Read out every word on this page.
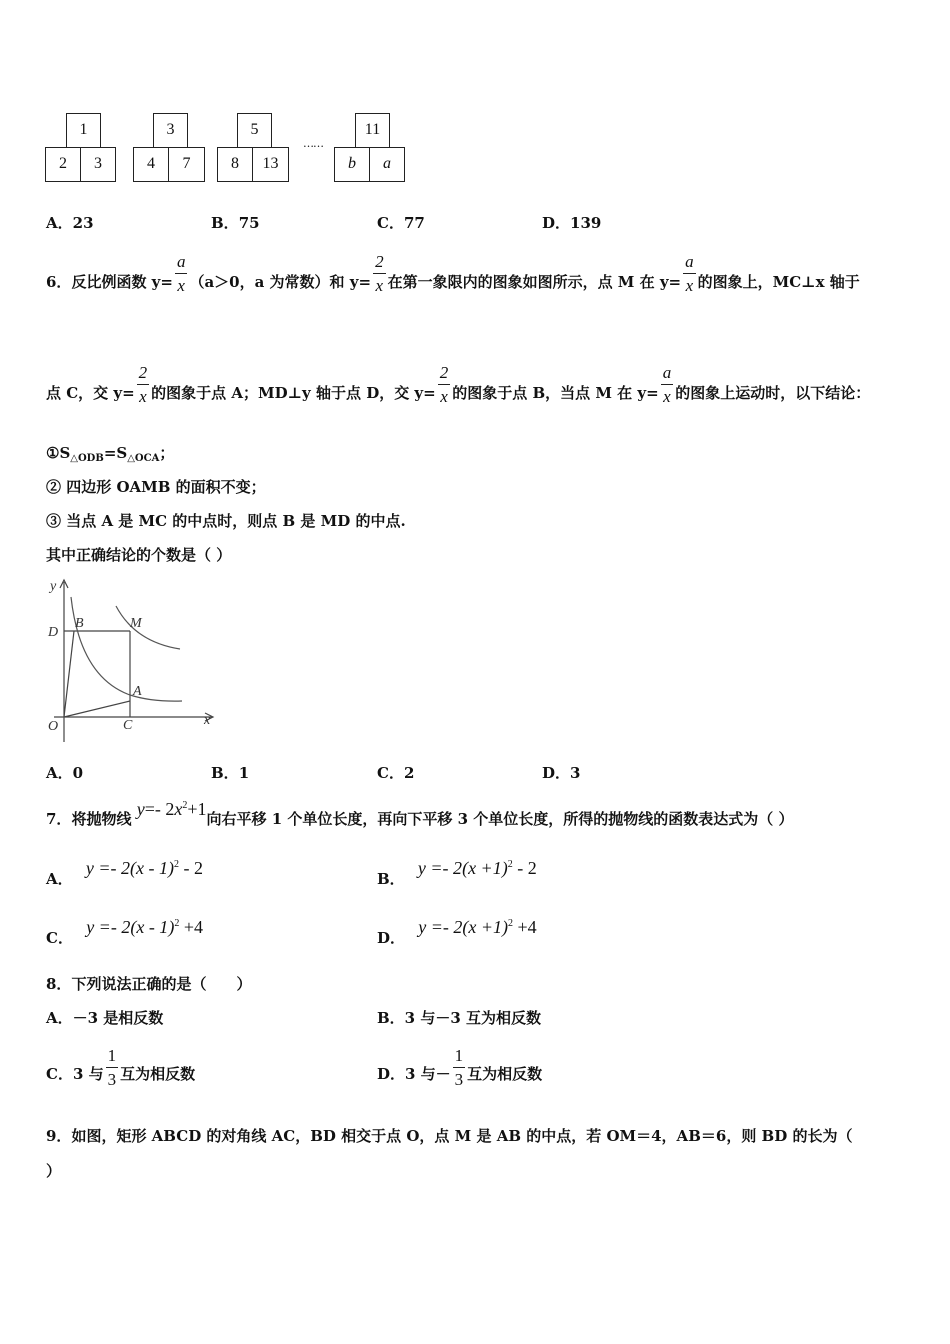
1
2	3
3
4	7
5
8	13
……
11
b	a
A．23	B．75	C．77	D．139
6． 反比例函数 $y= \frac{a}{x} (a>0$，a 为常数）和 $y= \frac{2}{x}$ 在第一象限内的图象如图所示，点 M 在 $y= \frac{a}{x}$ 的图象上，MC⊥x 轴于
点 C，交 $y= \frac{2}{x}$ 的图象于点 A；MD⊥y 轴于点 D，交 $y= \frac{2}{x}$ 的图象于点 B，当点 M 在 $y= \frac{a}{x}$ 的图象上运动时，以下结论：
$①S_{\triangle ODB}=S_{\triangle OCA}$；
② 四边形 OAMB 的面积不变；
③ 当点 A 是 MC 的中点时，则点 B 是 MD 的中点.
其中正确结论的个数是（ ）
y
D
B	M
A
O	C	x
A．0	B．1	C．2	D．3
7．将抛物线 y=- $2x^2+1$向右平移 1 个单位长度，再向下平移 3 个单位长度，所得的抛物线的函数表达式为（ ）
A． y =- 2(x - 1)$^2$ - 2
B． $y =- 2(x +1)^2 - 2$
C． y =- 2(x - 1)$^2$ +4
D． $y =- 2(x +1)^2 +4$
8．下列说法正确的是（　　）
A．－3 是相反数	B．3 与－3 互为相反数
C．3 与 $\frac{1}{3}$ 互为相反数	D．3 与－ $\frac{1}{3}$ 互为相反数
9．如图，矩形 ABCD 的对角线 AC，BD 相交于点 O，点 M 是 AB 的中点，若 OM＝4，AB＝6，则 BD 的长为（
）
